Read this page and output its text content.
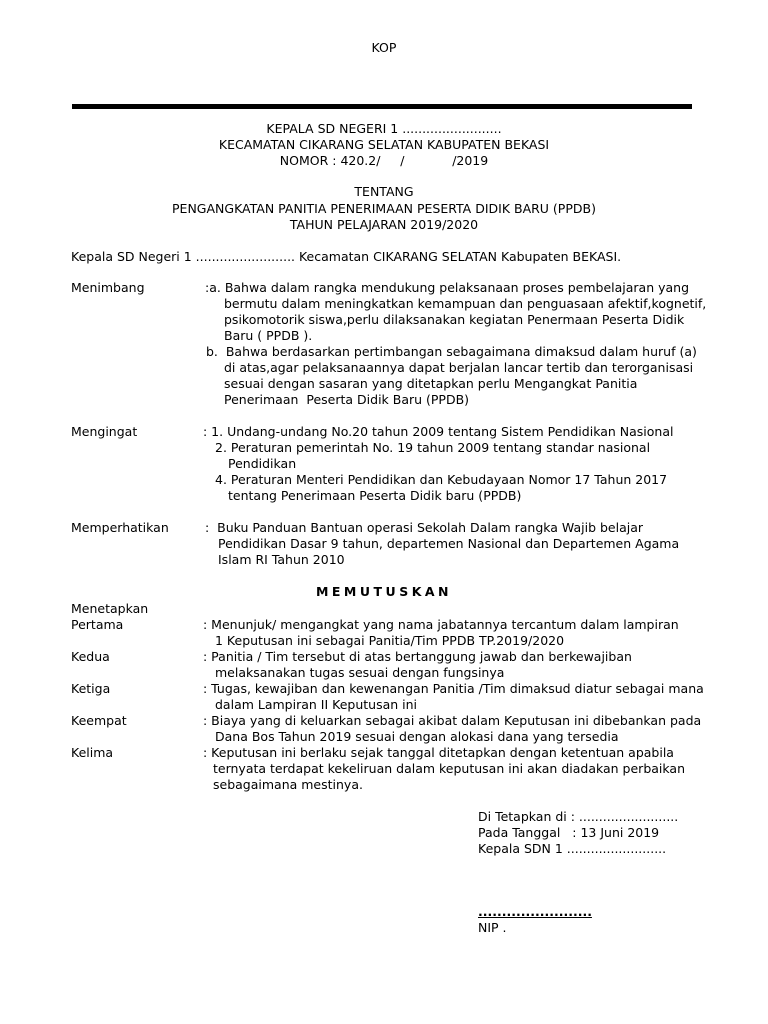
KOP
KEPALA SD NEGERI 1 .........................
KECAMATAN CIKARANG SELATAN KABUPATEN BEKASI
NOMOR : 420.2/     /            /2019
TENTANG
PENGANGKATAN PANITIA PENERIMAAN PESERTA DIDIK BARU (PPDB)
TAHUN PELAJARAN 2019/2020
Kepala SD Negeri 1 ......................... Kecamatan CIKARANG SELATAN Kabupaten BEKASI.
Menimbang	:a. Bahwa dalam rangka mendukung pelaksanaan proses pembelajaran yang
bermutu dalam meningkatkan kemampuan dan penguasaan afektif,kognetif,
psikomotorik siswa,perlu dilaksanakan kegiatan Penermaan Peserta Didik
Baru ( PPDB ).
b.  Bahwa berdasarkan pertimbangan sebagaimana dimaksud dalam huruf (a)
di atas,agar pelaksanaannya dapat berjalan lancar tertib dan terorganisasi
sesuai dengan sasaran yang ditetapkan perlu Mengangkat Panitia
Penerimaan  Peserta Didik Baru (PPDB)
Mengingat	: 1. Undang-undang No.20 tahun 2009 tentang Sistem Pendidikan Nasional
2. Peraturan pemerintah No. 19 tahun 2009 tentang standar nasional
Pendidikan
4. Peraturan Menteri Pendidikan dan Kebudayaan Nomor 17 Tahun 2017
tentang Penerimaan Peserta Didik baru (PPDB)
Memperhatikan	:  Buku Panduan Bantuan operasi Sekolah Dalam rangka Wajib belajar
Pendidikan Dasar 9 tahun, departemen Nasional dan Departemen Agama
Islam RI Tahun 2010
MEMUTUSKAN
Menetapkan
Pertama	: Menunjuk/ mengangkat yang nama jabatannya tercantum dalam lampiran
1 Keputusan ini sebagai Panitia/Tim PPDB TP.2019/2020
Kedua	: Panitia / Tim tersebut di atas bertanggung jawab dan berkewajiban
melaksanakan tugas sesuai dengan fungsinya
Ketiga	: Tugas, kewajiban dan kewenangan Panitia /Tim dimaksud diatur sebagai mana
dalam Lampiran II Keputusan ini
Keempat	: Biaya yang di keluarkan sebagai akibat dalam Keputusan ini dibebankan pada
Dana Bos Tahun 2019 sesuai dengan alokasi dana yang tersedia
Kelima	: Keputusan ini berlaku sejak tanggal ditetapkan dengan ketentuan apabila
ternyata terdapat kekeliruan dalam keputusan ini akan diadakan perbaikan
sebagaimana mestinya.
Di Tetapkan di : .........................
Pada Tanggal   : 13 Juni 2019
Kepala SDN 1 .........................
........................
NIP .
